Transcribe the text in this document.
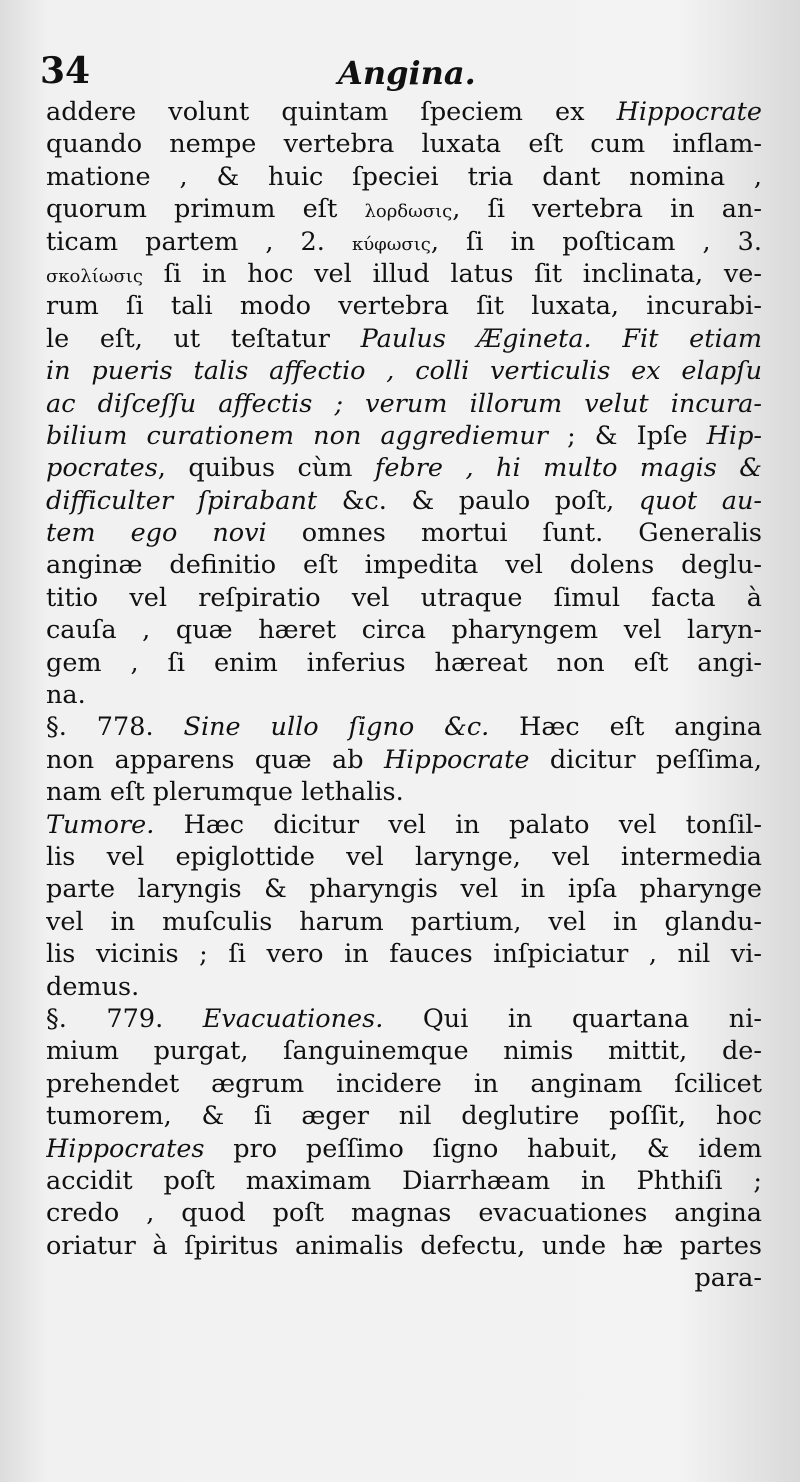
34	Angina.
addere volunt quintam ſpeciem ex Hippocrate
quando nempe vertebra luxata eſt cum inflam-
matione , & huic ſpeciei tria dant nomina ,
quorum primum eſt λορδωσις, ſi vertebra in an-
ticam partem , 2. κύφωσις, ſi in poſticam , 3.
σκολίωσις ſi in hoc vel illud latus ſit inclinata, ve-
rum ſi tali modo vertebra ſit luxata, incurabi-
le eſt, ut teſtatur Paulus Ægineta. Fit etiam
in pueris talis affectio , colli verticulis ex elapſu
ac diſceſſu affectis ; verum illorum velut incura-
bilium curationem non aggrediemur ; & Ipſe Hip-
pocrates, quibus cùm febre , hi multo magis &
difficulter ſpirabant &c. & paulo poſt, quot au-
tem ego novi omnes mortui ſunt. Generalis
anginæ definitio eſt impedita vel dolens deglu-
titio vel reſpiratio vel utraque ſimul facta à
cauſa , quæ hæret circa pharyngem vel laryn-
gem , ſi enim inferius hæreat non eſt angi-
na.
§. 778. Sine ullo ſigno &c. Hæc eſt angina
non apparens quæ ab Hippocrate dicitur peſſima,
nam eſt plerumque lethalis.
Tumore. Hæc dicitur vel in palato vel tonſil-
lis vel epiglottide vel larynge, vel intermedia
parte laryngis & pharyngis vel in ipſa pharynge
vel in muſculis harum partium, vel in glandu-
lis vicinis ; ſi vero in fauces inſpiciatur , nil vi-
demus.
§. 779. Evacuationes. Qui in quartana ni-
mium purgat, ſanguinemque nimis mittit, de-
prehendet ægrum incidere in anginam ſcilicet
tumorem, & ſi æger nil deglutire poſſit, hoc
Hippocrates pro peſſimo ſigno habuit, & idem
accidit poſt maximam Diarrhæam in Phthiſi ;
credo , quod poſt magnas evacuationes angina
oriatur à ſpiritus animalis defectu, unde hæ partes
para-
